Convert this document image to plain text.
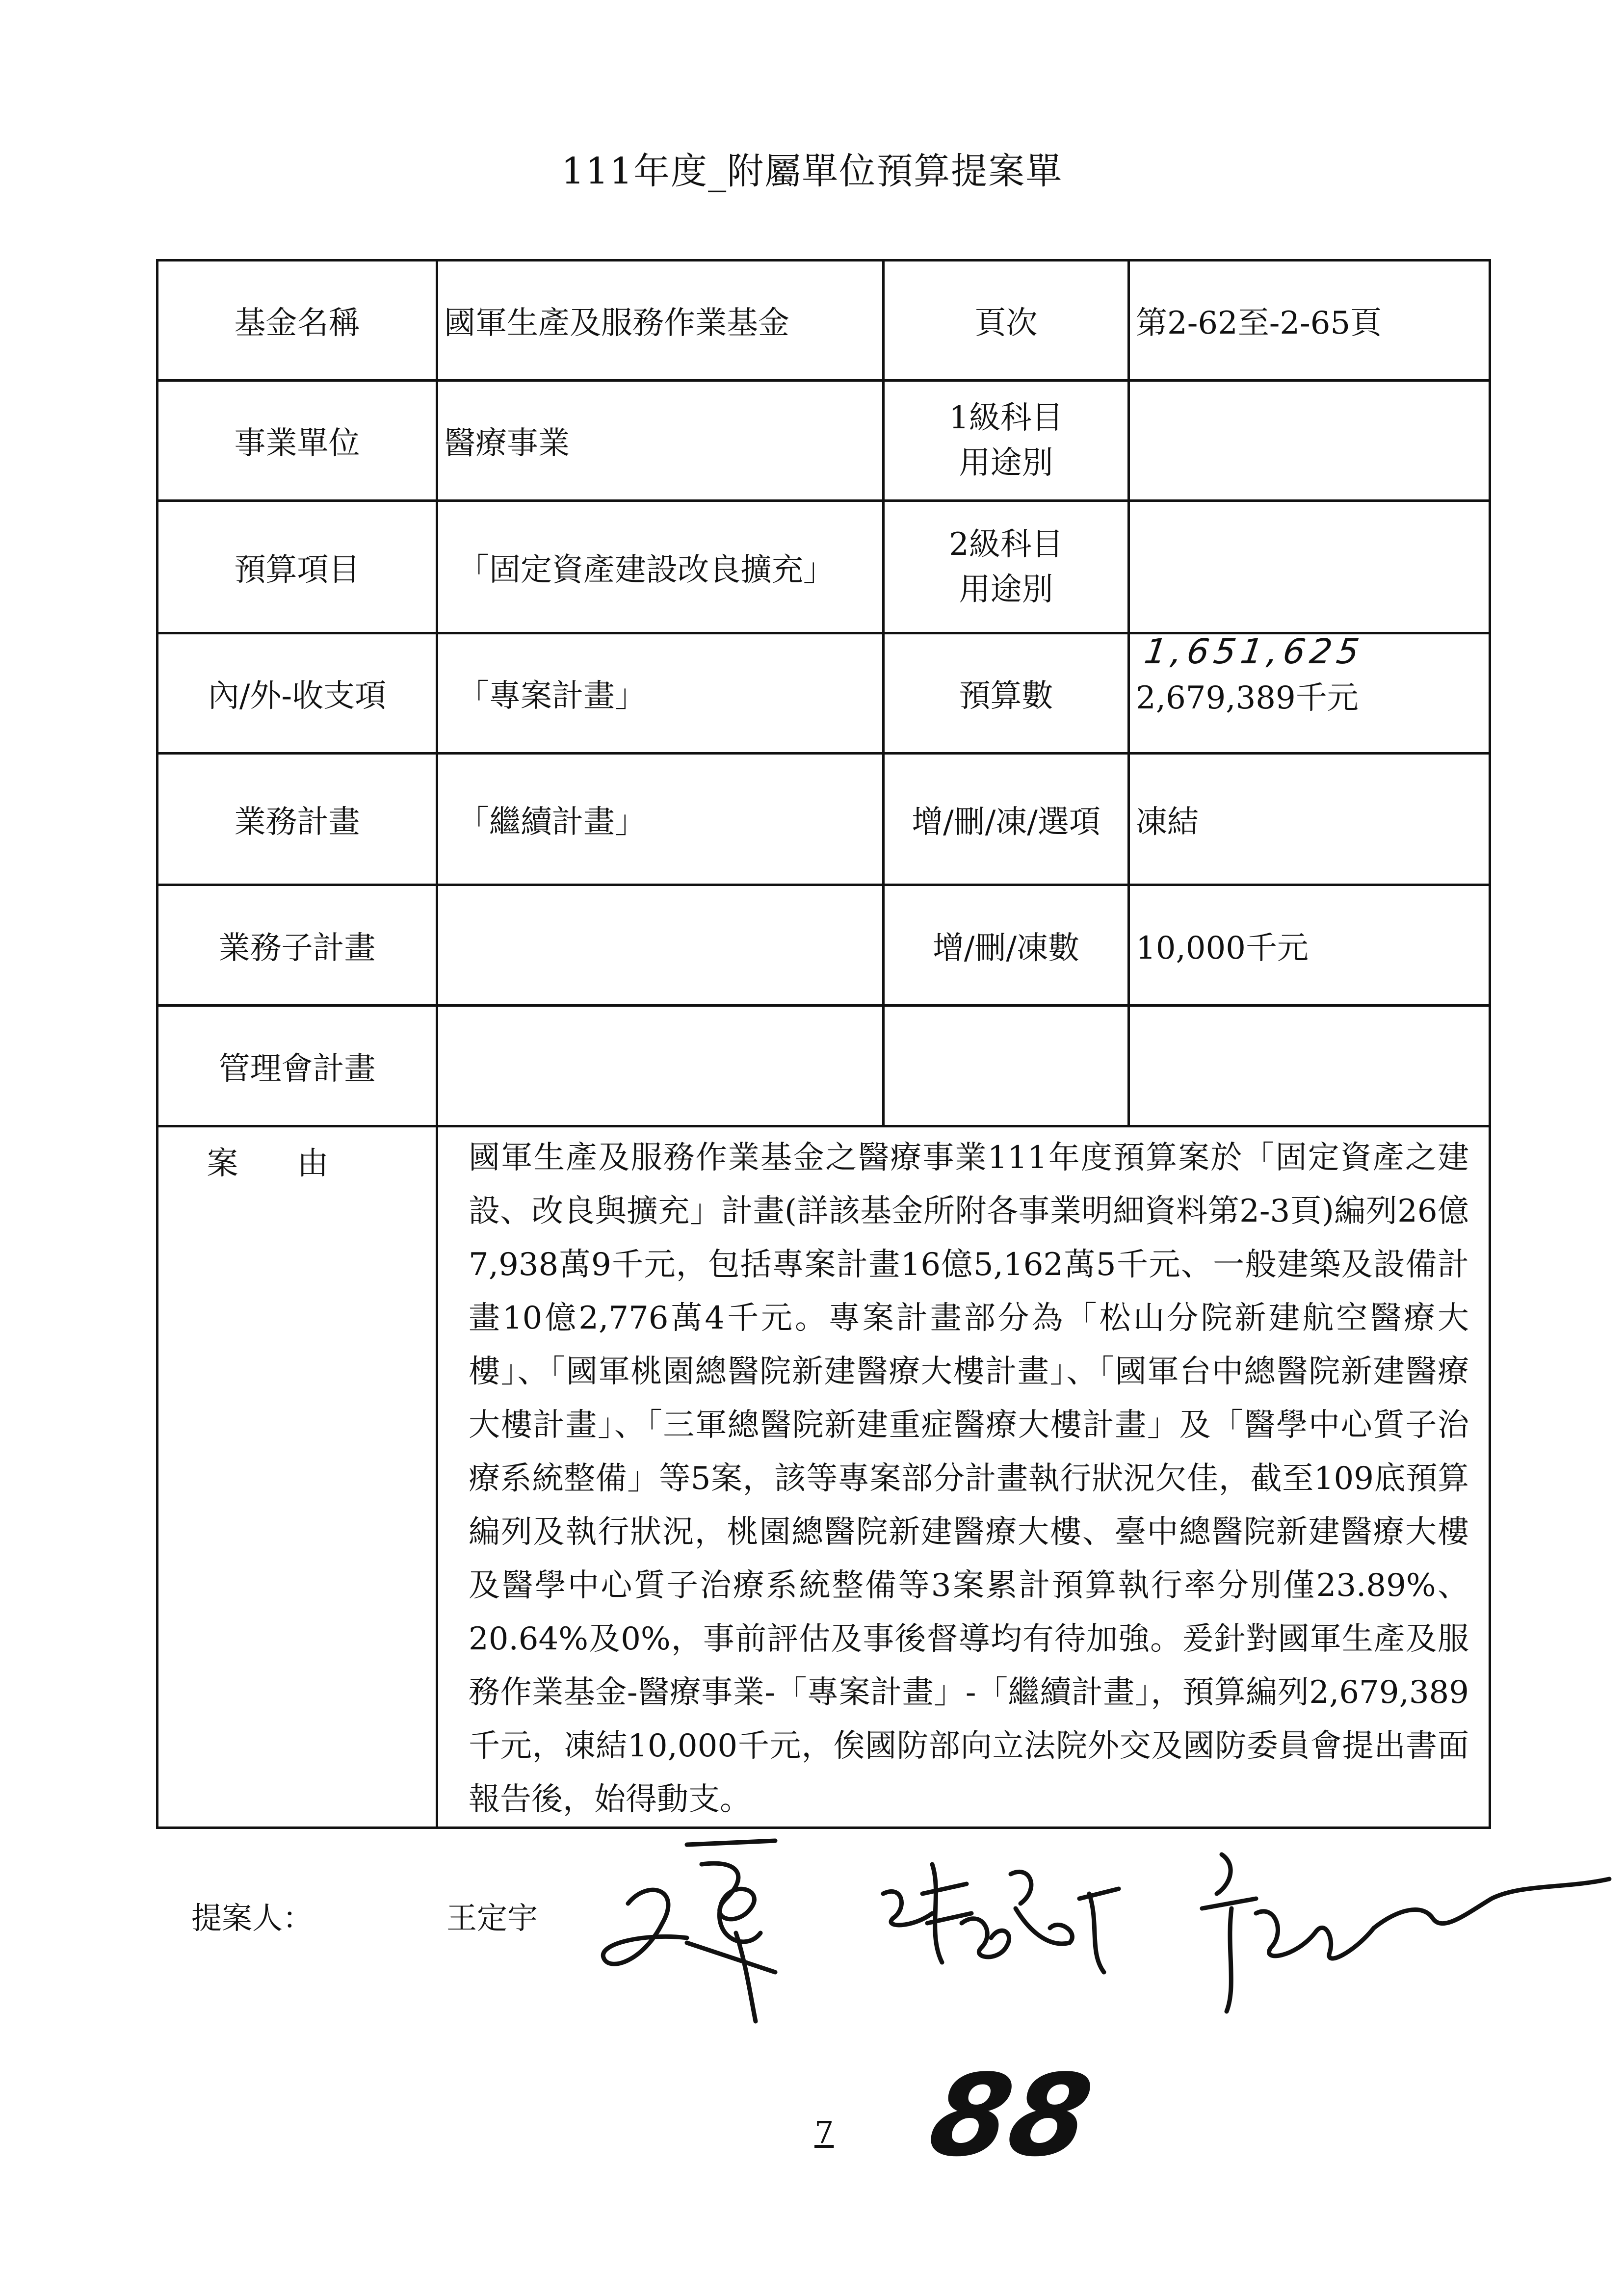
111年度_附屬單位預算提案單
基金名稱	國軍生產及服務作業基金	頁次	第2-62至-2-65頁
事業單位	醫療事業	1級科目
用途別	

預算項目	「固定資產建設改良擴充」	2級科目
用途別	

內/外-收支項	「專案計畫」	預算數	1,651,625
2,679,389千元

業務計畫	「繼續計畫」	增/刪/凍/選項	凍結
業務子計畫		增/刪/凍數	10,000千元
管理會計畫			
案由	國軍生產及服務作業基金之醫療事業111年度預算案於「固定資產之建設、改良與擴充」計畫(詳該基金所附各事業明細資料第2-3頁)編列26億7,938萬9千元，包括專案計畫16億5,162萬5千元、一般建築及設備計畫10億2,776萬4千元。專案計畫部分為「松山分院新建航空醫療大樓」、「國軍桃園總醫院新建醫療大樓計畫」、「國軍台中總醫院新建醫療大樓計畫」、「三軍總醫院新建重症醫療大樓計畫」及「醫學中心質子治療系統整備」等5案，該等專案部分計畫執行狀況欠佳，截至109底預算編列及執行狀況，桃園總醫院新建醫療大樓、臺中總醫院新建醫療大樓及醫學中心質子治療系統整備等3案累計預算執行率分別僅23.89%、20.64%及0%，事前評估及事後督導均有待加強。爰針對國軍生產及服務作業基金-醫療事業-「專案計畫」-「繼續計畫」，預算編列2,679,389千元，凍結10,000千元，俟國防部向立法院外交及國防委員會提出書面報告後，始得動支。		
提案人：	王定宇
88
7
